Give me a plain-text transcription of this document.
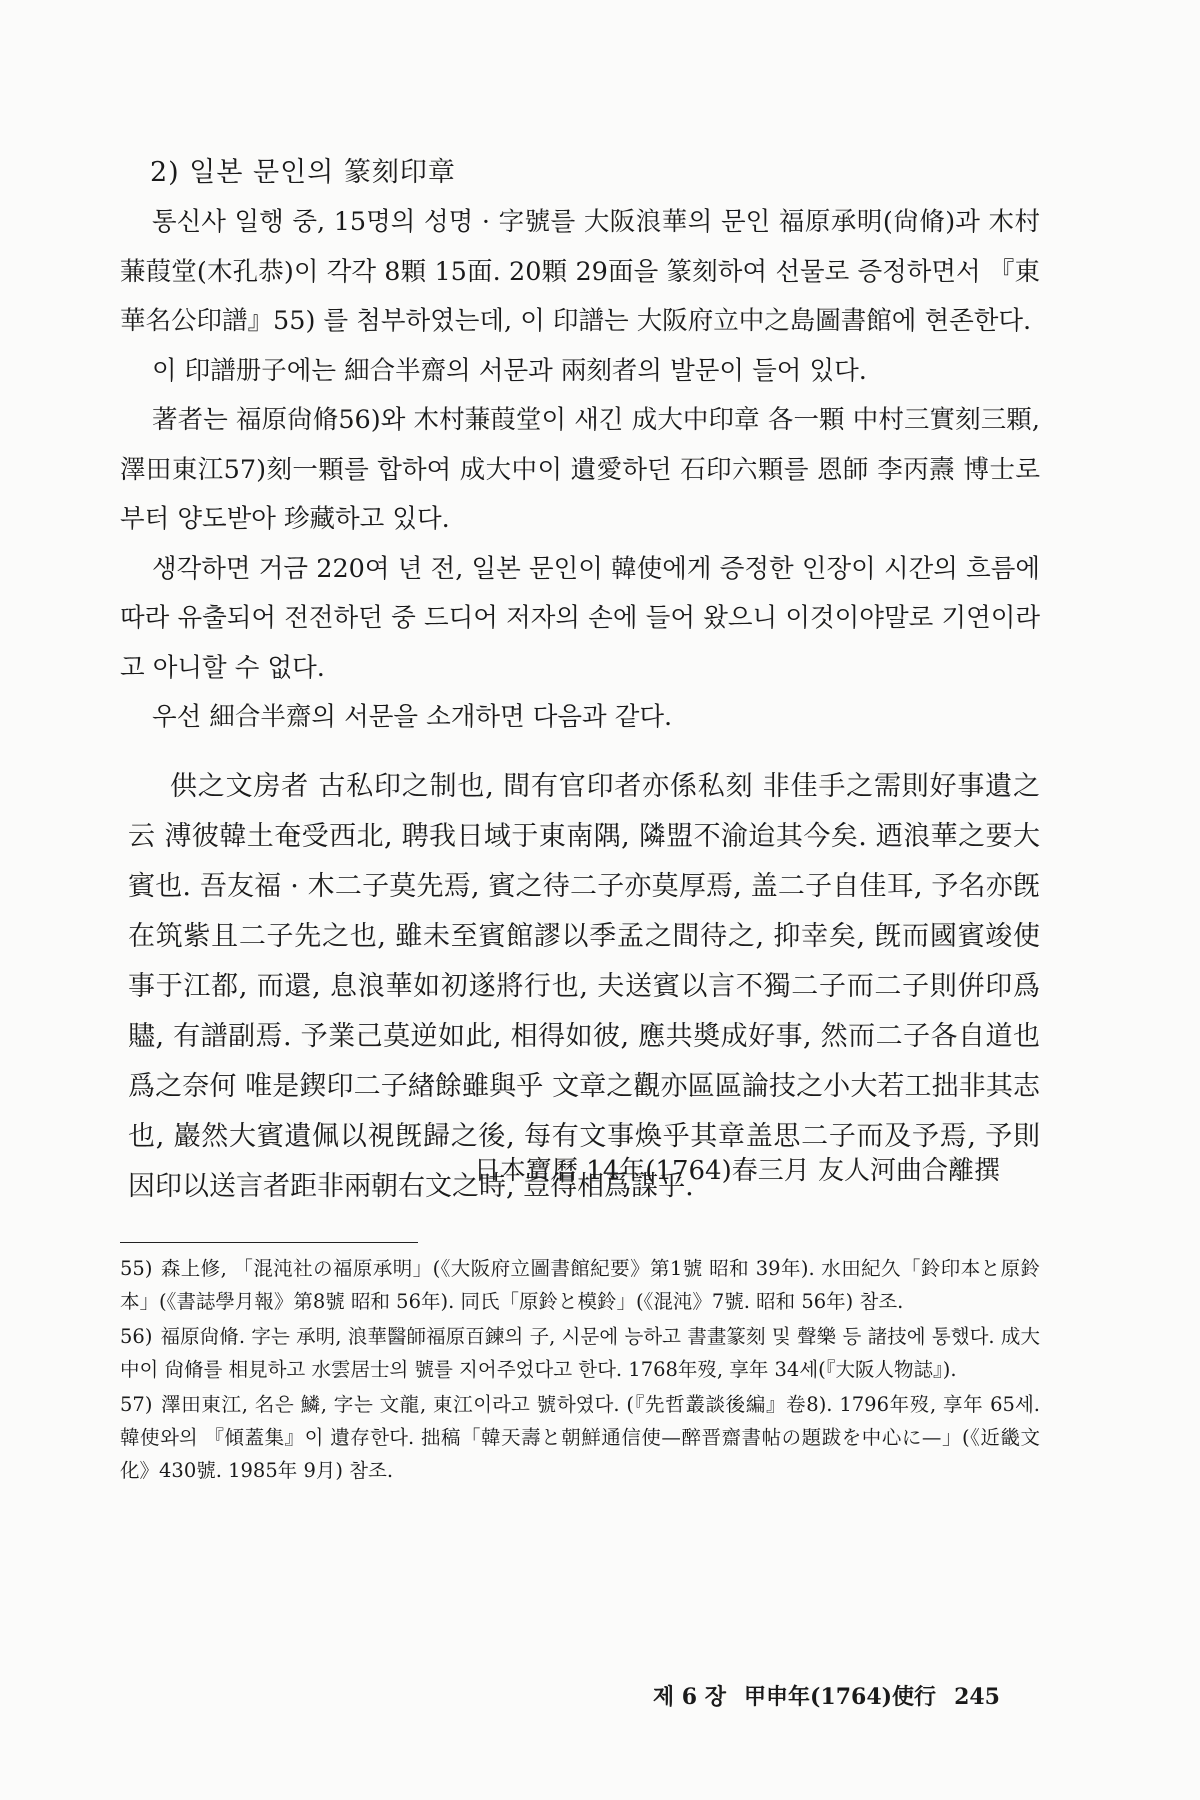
2) 일본 문인의 篆刻印章

통신사 일행 중, 15명의 성명 · 字號를 大阪浪華의 문인 福原承明(尙脩)과 木村蒹葭堂(木孔恭)이 각각 8顆 15面. 20顆 29面을 篆刻하여 선물로 증정하면서 『東華名公印譜』55) 를 첨부하였는데, 이 印譜는 大阪府立中之島圖書館에 현존한다.

이 印譜册子에는 細合半齋의 서문과 兩刻者의 발문이 들어 있다.

著者는 福原尙脩56)와 木村蒹葭堂이 새긴 成大中印章 各一顆 中村三實刻三顆, 澤田東江57)刻一顆를 합하여 成大中이 遺愛하던 石印六顆를 恩師 李丙燾 博士로부터 양도받아 珍藏하고 있다.

생각하면 거금 220여 년 전, 일본 문인이 韓使에게 증정한 인장이 시간의 흐름에 따라 유출되어 전전하던 중 드디어 저자의 손에 들어 왔으니 이것이야말로 기연이라고 아니할 수 없다.

우선 細合半齋의 서문을 소개하면 다음과 같다.

供之文房者 古私印之制也, 間有官印者亦係私刻 非佳手之需則好事遺之云 溥彼韓土奄受西北, 聘我日域于東南隅, 隣盟不渝迨其今矣. 迺浪華之要大賓也. 吾友福 · 木二子莫先焉, 賓之待二子亦莫厚焉, 盖二子自佳耳, 予名亦旣在筑紫且二子先之也, 雖未至賓館謬以季孟之間待之, 抑幸矣, 旣而國賓竣使事于江都, 而還, 息浪華如初遂將行也, 夫送賓以言不獨二子而二子則倂印爲贐, 有譜副焉. 予業己莫逆如此, 相得如彼, 應共奬成好事, 然而二子各自道也 爲之奈何 唯是鍥印二子緖餘雖與乎 文章之觀亦區區論技之小大若工拙非其志也, 巖然大賓遺佩以視旣歸之後, 每有文事煥乎其章盖思二子而及予焉, 予則因印以送言者距非兩朝右文之時, 豈得相爲謀乎.

日本寶曆 14年(1764)春三月 友人河曲合離撰
55) 森上修, 「混沌社の福原承明」(《大阪府立圖書館紀要》第1號 昭和 39年). 水田紀久「鈴印本と原鈴本」(《書誌學月報》第8號 昭和 56年). 同氏「原鈴と模鈴」(《混沌》7號. 昭和 56年) 참조.
56) 福原尙脩. 字는 承明, 浪華醫師福原百鍊의 子, 시문에 능하고 書畫篆刻 및 聲樂 등 諸技에 통했다. 成大中이 尙脩를 相見하고 水雲居士의 號를 지어주었다고 한다. 1768年歿, 享年 34세(『大阪人物誌』).
57) 澤田東江, 名은 鱗, 字는 文龍, 東江이라고 號하였다. (『先哲叢談後編』卷8). 1796年歿, 享年 65세. 韓使와의 『傾蓋集』이 遺存한다. 拙稿「韓天壽と朝鮮通信使—醉晋齋書帖の題跋を中心に—」(《近畿文化》430號. 1985年 9月) 참조.
제 6 장 甲申年(1764)使行 245
